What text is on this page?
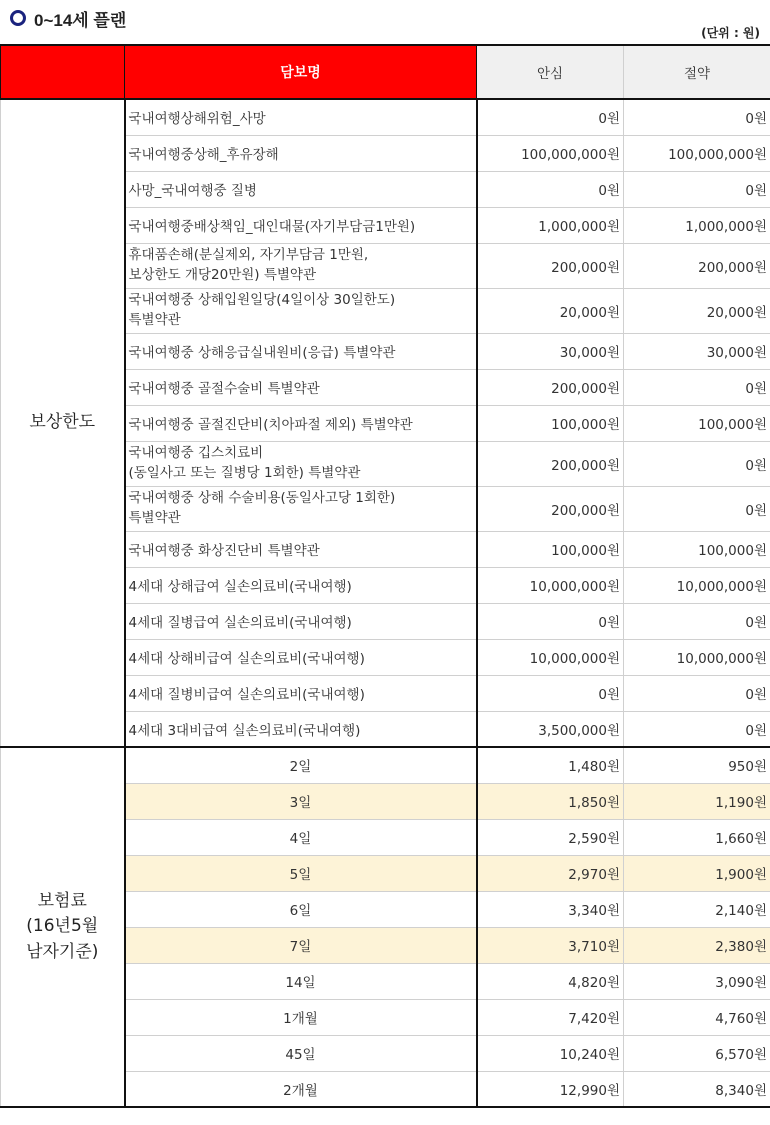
0~14세 플랜
(단위 : 원)
	담보명	안심	절약
보상한도	국내여행상해위험_사망	0원	0원
	국내여행중상해_후유장해	100,000,000원	100,000,000원
	사망_국내여행중 질병	0원	0원
	국내여행중배상책임_대인대물(자기부담금1만원)	1,000,000원	1,000,000원
	휴대품손해(분실제외, 자기부담금 1만원,
보상한도 개당20만원) 특별약관	200,000원	200,000원
	국내여행중 상해입원일당(4일이상 30일한도)
특별약관	20,000원	20,000원
	국내여행중 상해응급실내원비(응급) 특별약관	30,000원	30,000원
	국내여행중 골절수술비 특별약관	200,000원	0원
	국내여행중 골절진단비(치아파절 제외) 특별약관	100,000원	100,000원
	국내여행중 깁스치료비
(동일사고 또는 질병당 1회한) 특별약관	200,000원	0원
	국내여행중 상해 수술비용(동일사고당 1회한)
특별약관	200,000원	0원
	국내여행중 화상진단비 특별약관	100,000원	100,000원
	4세대 상해급여 실손의료비(국내여행)	10,000,000원	10,000,000원
	4세대 질병급여 실손의료비(국내여행)	0원	0원
	4세대 상해비급여 실손의료비(국내여행)	10,000,000원	10,000,000원
	4세대 질병비급여 실손의료비(국내여행)	0원	0원
	4세대 3대비급여 실손의료비(국내여행)	3,500,000원	0원
보험료
(16년5월
남자기준)	2일	1,480원	950원
	3일	1,850원	1,190원
	4일	2,590원	1,660원
	5일	2,970원	1,900원
	6일	3,340원	2,140원
	7일	3,710원	2,380원
	14일	4,820원	3,090원
	1개월	7,420원	4,760원
	45일	10,240원	6,570원
	2개월	12,990원	8,340원
